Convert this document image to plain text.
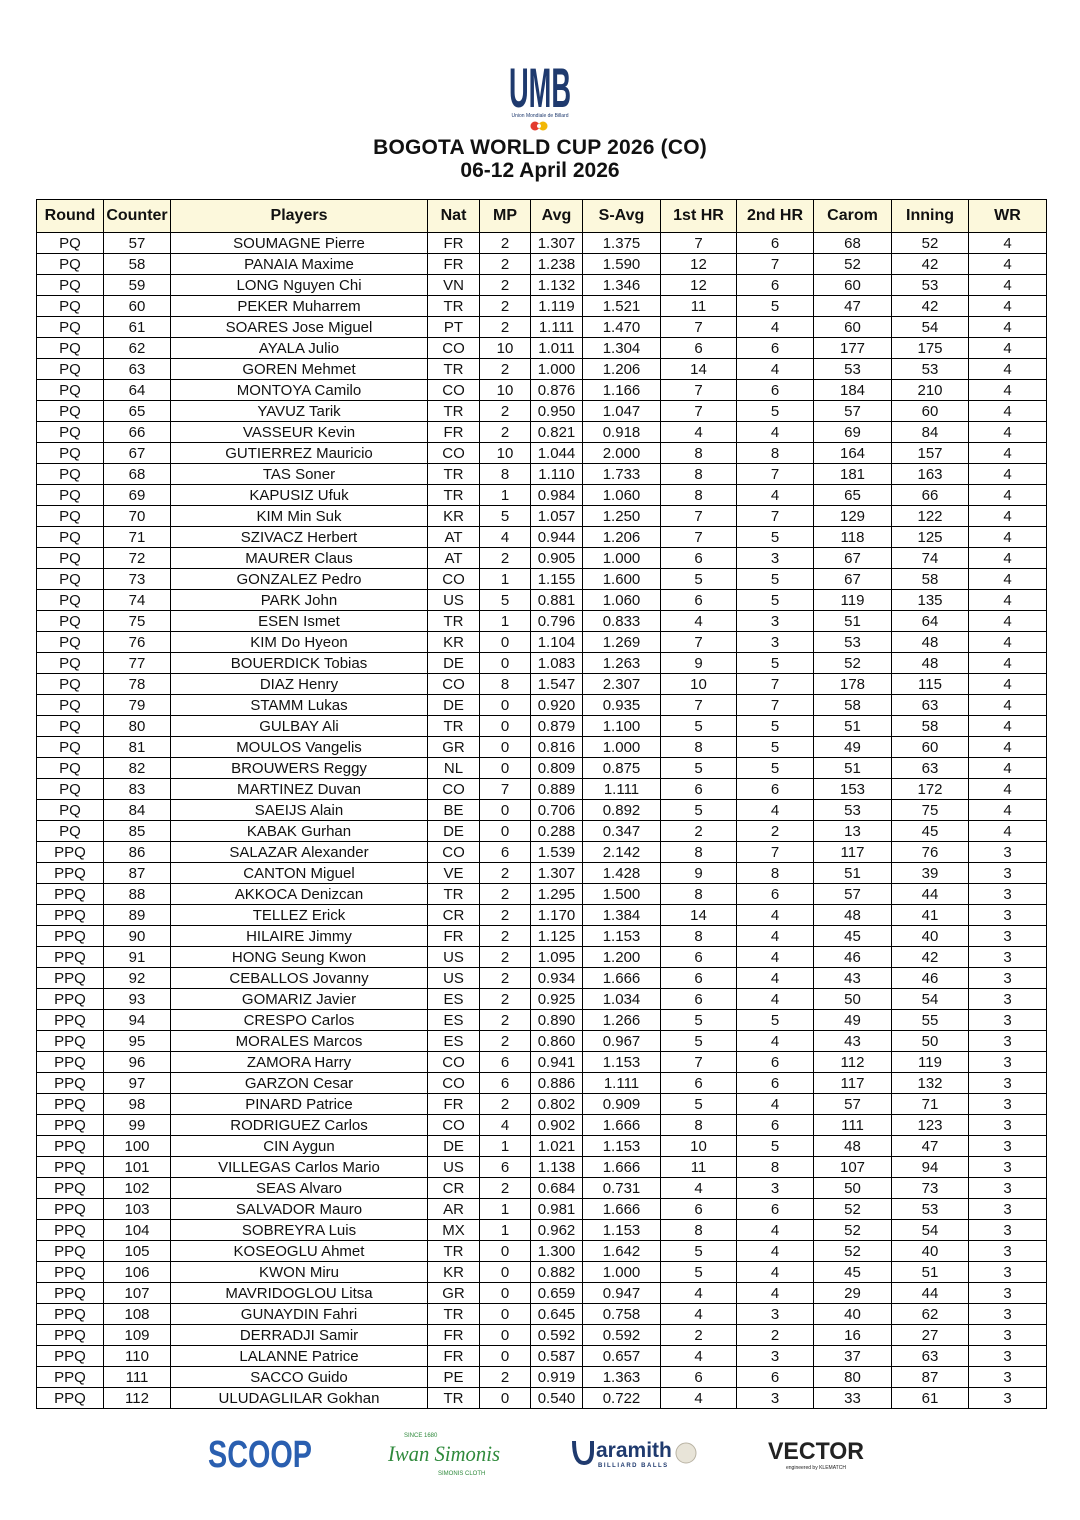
UMB
Union Mondiale de Billard
BOGOTA WORLD CUP 2026 (CO)
06-12 April 2026
Round	Counter	Players	Nat	MP	Avg	S-Avg	1st HR	2nd HR	Carom	Inning	WR
PQ	57	SOUMAGNE Pierre	FR	2	1.307	1.375	7	6	68	52	4
PQ	58	PANAIA Maxime	FR	2	1.238	1.590	12	7	52	42	4
PQ	59	LONG Nguyen Chi	VN	2	1.132	1.346	12	6	60	53	4
PQ	60	PEKER Muharrem	TR	2	1.119	1.521	11	5	47	42	4
PQ	61	SOARES Jose Miguel	PT	2	1.111	1.470	7	4	60	54	4
PQ	62	AYALA Julio	CO	10	1.011	1.304	6	6	177	175	4
PQ	63	GOREN Mehmet	TR	2	1.000	1.206	14	4	53	53	4
PQ	64	MONTOYA Camilo	CO	10	0.876	1.166	7	6	184	210	4
PQ	65	YAVUZ Tarik	TR	2	0.950	1.047	7	5	57	60	4
PQ	66	VASSEUR Kevin	FR	2	0.821	0.918	4	4	69	84	4
PQ	67	GUTIERREZ Mauricio	CO	10	1.044	2.000	8	8	164	157	4
PQ	68	TAS Soner	TR	8	1.110	1.733	8	7	181	163	4
PQ	69	KAPUSIZ Ufuk	TR	1	0.984	1.060	8	4	65	66	4
PQ	70	KIM Min Suk	KR	5	1.057	1.250	7	7	129	122	4
PQ	71	SZIVACZ Herbert	AT	4	0.944	1.206	7	5	118	125	4
PQ	72	MAURER Claus	AT	2	0.905	1.000	6	3	67	74	4
PQ	73	GONZALEZ Pedro	CO	1	1.155	1.600	5	5	67	58	4
PQ	74	PARK John	US	5	0.881	1.060	6	5	119	135	4
PQ	75	ESEN Ismet	TR	1	0.796	0.833	4	3	51	64	4
PQ	76	KIM Do Hyeon	KR	0	1.104	1.269	7	3	53	48	4
PQ	77	BOUERDICK Tobias	DE	0	1.083	1.263	9	5	52	48	4
PQ	78	DIAZ Henry	CO	8	1.547	2.307	10	7	178	115	4
PQ	79	STAMM Lukas	DE	0	0.920	0.935	7	7	58	63	4
PQ	80	GULBAY Ali	TR	0	0.879	1.100	5	5	51	58	4
PQ	81	MOULOS Vangelis	GR	0	0.816	1.000	8	5	49	60	4
PQ	82	BROUWERS Reggy	NL	0	0.809	0.875	5	5	51	63	4
PQ	83	MARTINEZ Duvan	CO	7	0.889	1.111	6	6	153	172	4
PQ	84	SAEIJS Alain	BE	0	0.706	0.892	5	4	53	75	4
PQ	85	KABAK Gurhan	DE	0	0.288	0.347	2	2	13	45	4
PPQ	86	SALAZAR Alexander	CO	6	1.539	2.142	8	7	117	76	3
PPQ	87	CANTON Miguel	VE	2	1.307	1.428	9	8	51	39	3
PPQ	88	AKKOCA Denizcan	TR	2	1.295	1.500	8	6	57	44	3
PPQ	89	TELLEZ Erick	CR	2	1.170	1.384	14	4	48	41	3
PPQ	90	HILAIRE Jimmy	FR	2	1.125	1.153	8	4	45	40	3
PPQ	91	HONG Seung Kwon	US	2	1.095	1.200	6	4	46	42	3
PPQ	92	CEBALLOS Jovanny	US	2	0.934	1.666	6	4	43	46	3
PPQ	93	GOMARIZ Javier	ES	2	0.925	1.034	6	4	50	54	3
PPQ	94	CRESPO Carlos	ES	2	0.890	1.266	5	5	49	55	3
PPQ	95	MORALES Marcos	ES	2	0.860	0.967	5	4	43	50	3
PPQ	96	ZAMORA Harry	CO	6	0.941	1.153	7	6	112	119	3
PPQ	97	GARZON Cesar	CO	6	0.886	1.111	6	6	117	132	3
PPQ	98	PINARD Patrice	FR	2	0.802	0.909	5	4	57	71	3
PPQ	99	RODRIGUEZ Carlos	CO	4	0.902	1.666	8	6	111	123	3
PPQ	100	CIN Aygun	DE	1	1.021	1.153	10	5	48	47	3
PPQ	101	VILLEGAS Carlos Mario	US	6	1.138	1.666	11	8	107	94	3
PPQ	102	SEAS Alvaro	CR	2	0.684	0.731	4	3	50	73	3
PPQ	103	SALVADOR Mauro	AR	1	0.981	1.666	6	6	52	53	3
PPQ	104	SOBREYRA Luis	MX	1	0.962	1.153	8	4	52	54	3
PPQ	105	KOSEOGLU Ahmet	TR	0	1.300	1.642	5	4	52	40	3
PPQ	106	KWON Miru	KR	0	0.882	1.000	5	4	45	51	3
PPQ	107	MAVRIDOGLOU Litsa	GR	0	0.659	0.947	4	4	29	44	3
PPQ	108	GUNAYDIN Fahri	TR	0	0.645	0.758	4	3	40	62	3
PPQ	109	DERRADJI Samir	FR	0	0.592	0.592	2	2	16	27	3
PPQ	110	LALANNE Patrice	FR	0	0.587	0.657	4	3	37	63	3
PPQ	111	SACCO Guido	PE	2	0.919	1.363	6	6	80	87	3
PPQ	112	ULUDAGLILAR Gokhan	TR	0	0.540	0.722	4	3	33	61	3
SCOOP	SINCE 1680
Iwan Simonis
SIMONIS CLOTH
aramith
BILLIARD BALLS
VECTOR
engineered by KLEMATCH
